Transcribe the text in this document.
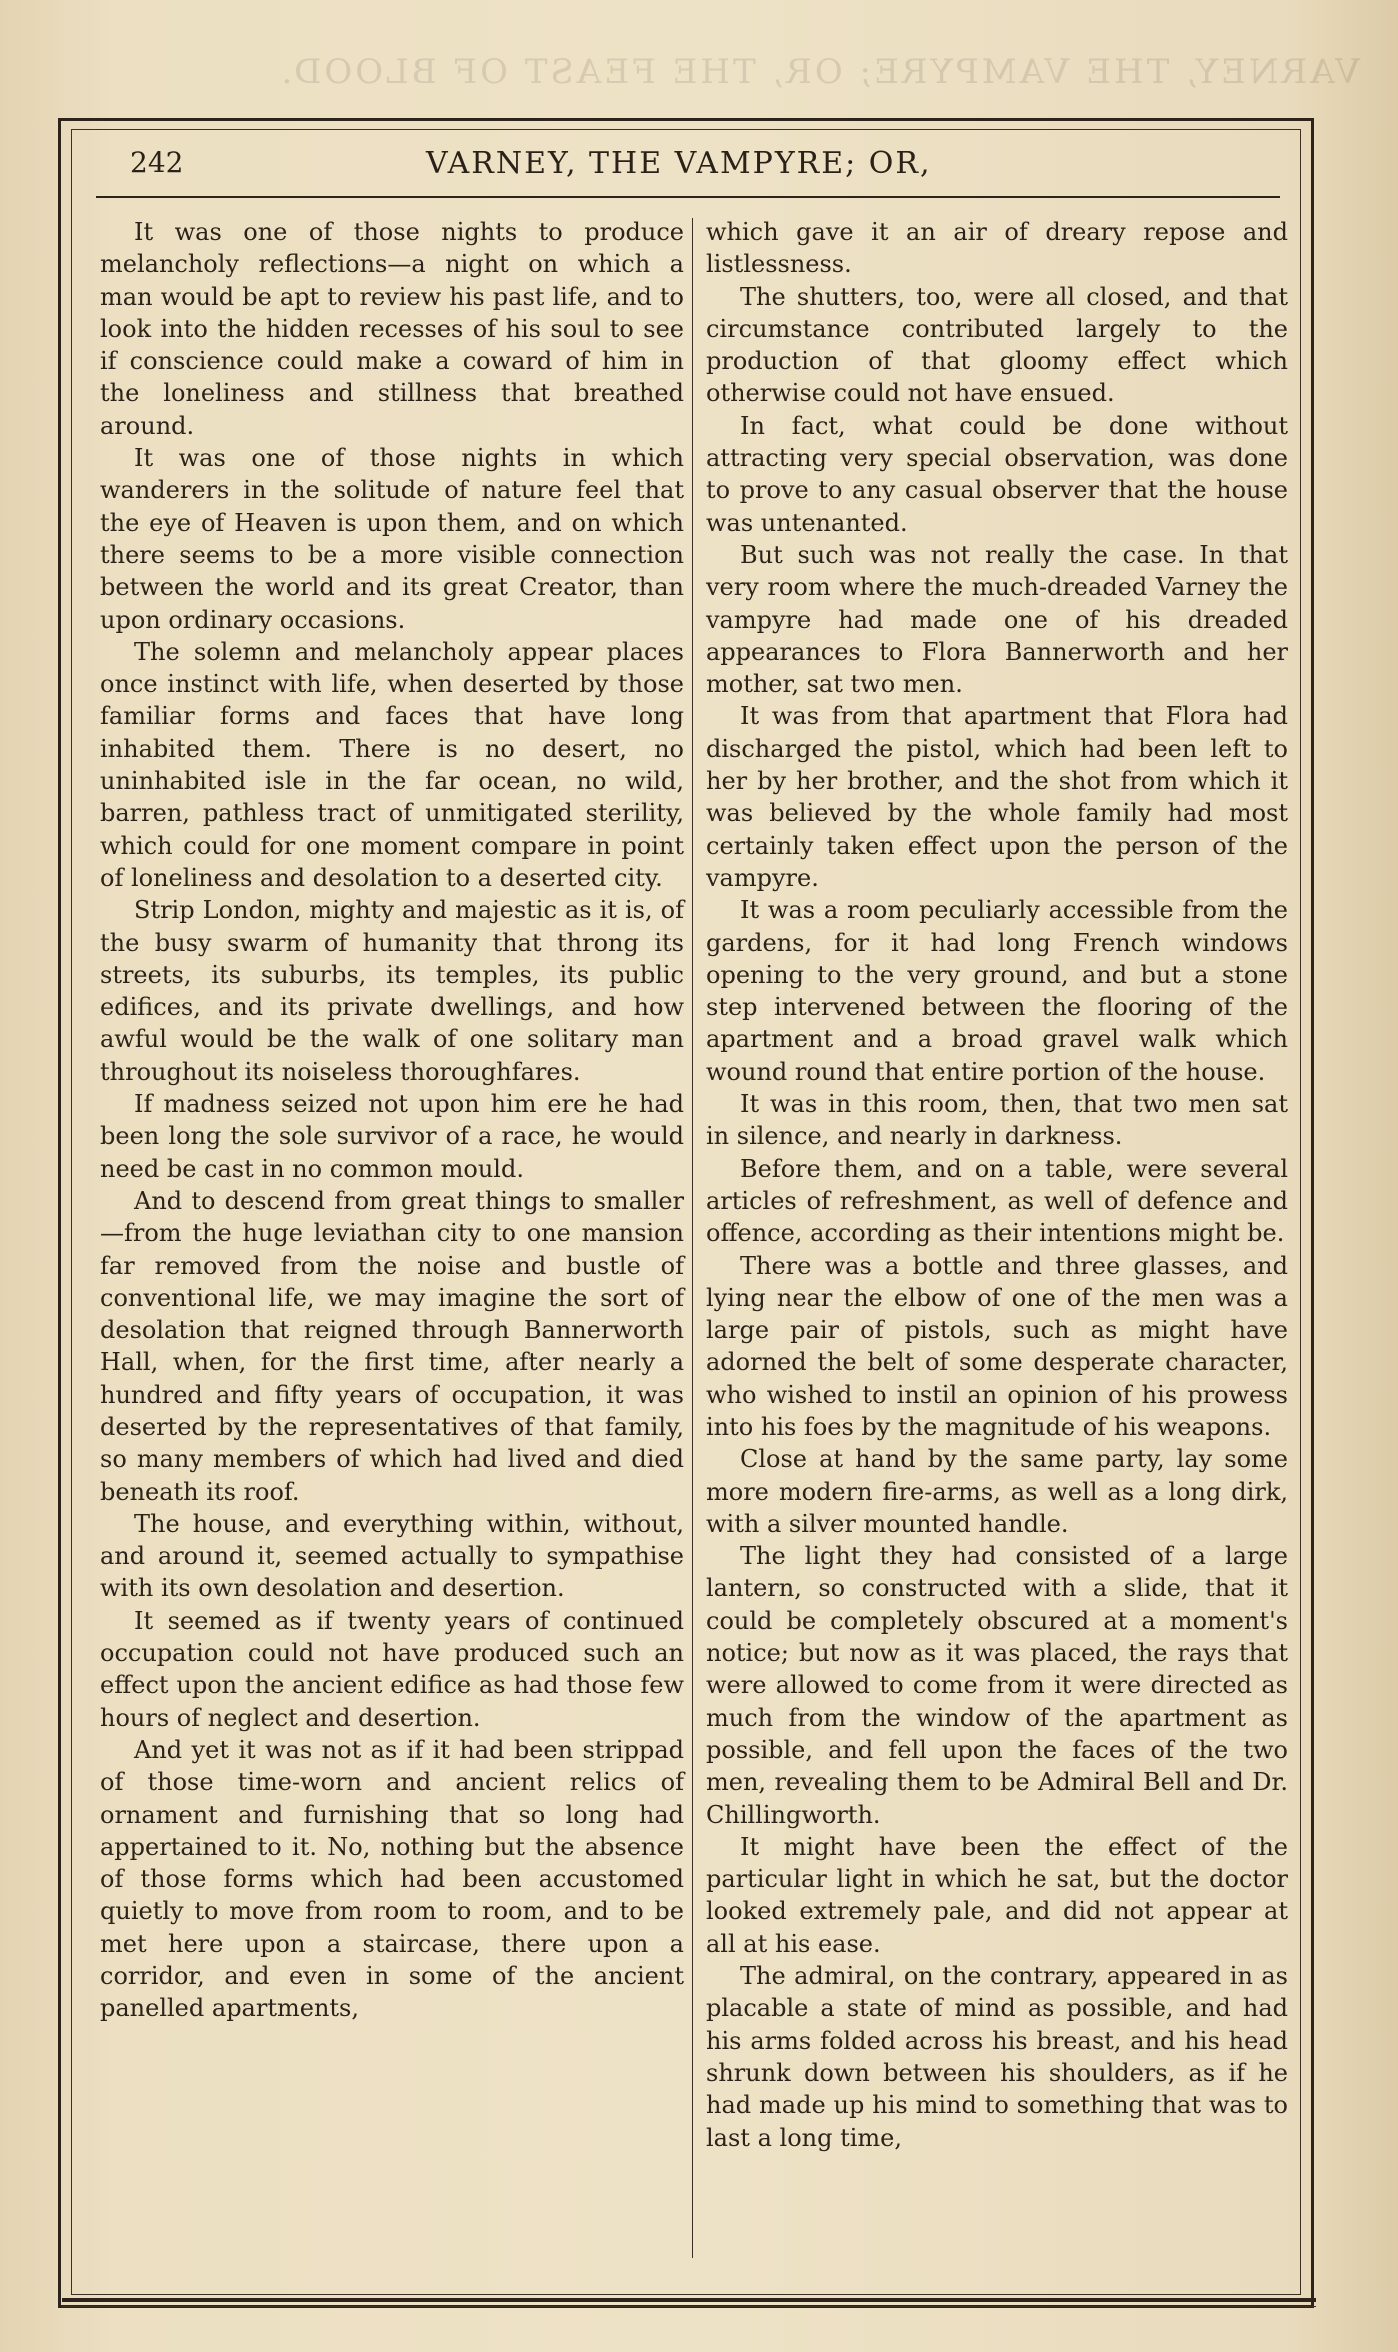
VARNEY, THE VAMPYRE; OR, THE FEAST OF BLOOD.
242	VARNEY, THE VAMPYRE; OR,

It was one of those nights to produce melancholy reflections—a night on which a man would be apt to review his past life, and to look into the hidden recesses of his soul to see if conscience could make a coward of him in the loneliness and stillness that breathed around.

It was one of those nights in which wanderers in the solitude of nature feel that the eye of Heaven is upon them, and on which there seems to be a more visible connection between the world and its great Creator, than upon ordinary occasions.

The solemn and melancholy appear places once instinct with life, when deserted by those familiar forms and faces that have long inhabited them. There is no desert, no uninhabited isle in the far ocean, no wild, barren, pathless tract of unmitigated sterility, which could for one moment compare in point of loneliness and desolation to a deserted city.

Strip London, mighty and majestic as it is, of the busy swarm of humanity that throng its streets, its suburbs, its temples, its public edifices, and its private dwellings, and how awful would be the walk of one solitary man throughout its noiseless thoroughfares.

If madness seized not upon him ere he had been long the sole survivor of a race, he would need be cast in no common mould.

And to descend from great things to smaller—from the huge leviathan city to one mansion far removed from the noise and bustle of conventional life, we may imagine the sort of desolation that reigned through Bannerworth Hall, when, for the first time, after nearly a hundred and fifty years of occupation, it was deserted by the representatives of that family, so many members of which had lived and died beneath its roof.

The house, and everything within, without, and around it, seemed actually to sympathise with its own desolation and desertion.

It seemed as if twenty years of continued occupation could not have produced such an effect upon the ancient edifice as had those few hours of neglect and desertion.

And yet it was not as if it had been strippad of those time-worn and ancient relics of ornament and furnishing that so long had appertained to it. No, nothing but the absence of those forms which had been accustomed quietly to move from room to room, and to be met here upon a staircase, there upon a corridor, and even in some of the ancient panelled apartments,

which gave it an air of dreary repose and listlessness.

The shutters, too, were all closed, and that circumstance contributed largely to the production of that gloomy effect which otherwise could not have ensued.

In fact, what could be done without attracting very special observation, was done to prove to any casual observer that the house was untenanted.

But such was not really the case. In that very room where the much-dreaded Varney the vampyre had made one of his dreaded appearances to Flora Bannerworth and her mother, sat two men.

It was from that apartment that Flora had discharged the pistol, which had been left to her by her brother, and the shot from which it was believed by the whole family had most certainly taken effect upon the person of the vampyre.

It was a room peculiarly accessible from the gardens, for it had long French windows opening to the very ground, and but a stone step intervened between the flooring of the apartment and a broad gravel walk which wound round that entire portion of the house.

It was in this room, then, that two men sat in silence, and nearly in darkness.

Before them, and on a table, were several articles of refreshment, as well of defence and offence, according as their intentions might be.

There was a bottle and three glasses, and lying near the elbow of one of the men was a large pair of pistols, such as might have adorned the belt of some desperate character, who wished to instil an opinion of his prowess into his foes by the magnitude of his weapons.

Close at hand by the same party, lay some more modern fire-arms, as well as a long dirk, with a silver mounted handle.

The light they had consisted of a large lantern, so constructed with a slide, that it could be completely obscured at a moment's notice; but now as it was placed, the rays that were allowed to come from it were directed as much from the window of the apartment as possible, and fell upon the faces of the two men, revealing them to be Admiral Bell and Dr. Chillingworth.

It might have been the effect of the particular light in which he sat, but the doctor looked extremely pale, and did not appear at all at his ease.

The admiral, on the contrary, appeared in as placable a state of mind as possible, and had his arms folded across his breast, and his head shrunk down between his shoulders, as if he had made up his mind to something that was to last a long time,
